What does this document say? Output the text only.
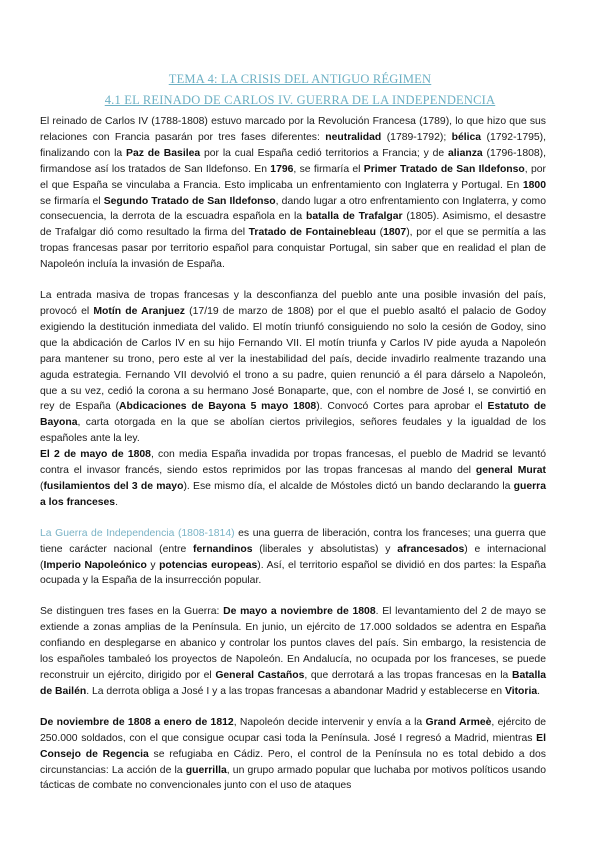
TEMA 4: LA CRISIS DEL ANTIGUO RÉGIMEN
4.1 EL REINADO DE CARLOS IV. GUERRA DE LA INDEPENDENCIA

El reinado de Carlos IV (1788-1808) estuvo marcado por la Revolución Francesa (1789), lo que hizo que sus relaciones con Francia pasarán por tres fases diferentes: neutralidad (1789-1792); bélica (1792-1795), finalizando con la Paz de Basilea por la cual España cedió territorios a Francia; y de alianza (1796-1808), firmandose así los tratados de San Ildefonso. En 1796, se firmaría el Primer Tratado de San Ildefonso, por el que España se vinculaba a Francia. Esto implicaba un enfrentamiento con Inglaterra y Portugal. En 1800 se firmaría el Segundo Tratado de San Ildefonso, dando lugar a otro enfrentamiento con Inglaterra, y como consecuencia, la derrota de la escuadra española en la batalla de Trafalgar (1805). Asimismo, el desastre de Trafalgar dió como resultado la firma del Tratado de Fontainebleau (1807), por el que se permitía a las tropas francesas pasar por territorio español para conquistar Portugal, sin saber que en realidad el plan de Napoleón incluía la invasión de España.

La entrada masiva de tropas francesas y la desconfianza del pueblo ante una posible invasión del país, provocó el Motín de Aranjuez (17/19 de marzo de 1808) por el que el pueblo asaltó el palacio de Godoy exigiendo la destitución inmediata del valido. El motín triunfó consiguiendo no solo la cesión de Godoy, sino que la abdicación de Carlos IV en su hijo Fernando VII. El motín triunfa y Carlos IV pide ayuda a Napoleón para mantener su trono, pero este al ver la inestabilidad del país, decide invadirlo realmente trazando una aguda estrategia. Fernando VII devolvió el trono a su padre, quien renunció a él para dárselo a Napoleón, que a su vez, cedió la corona a su hermano José Bonaparte, que, con el nombre de José I, se convirtió en rey de España (Abdicaciones de Bayona 5 mayo 1808). Convocó Cortes para aprobar el Estatuto de Bayona, carta otorgada en la que se abolían ciertos privilegios, señores feudales y la igualdad de los españoles ante la ley.

El 2 de mayo de 1808, con media España invadida por tropas francesas, el pueblo de Madrid se levantó contra el invasor francés, siendo estos reprimidos por las tropas francesas al mando del general Murat (fusilamientos del 3 de mayo). Ese mismo día, el alcalde de Móstoles dictó un bando declarando la guerra a los franceses.

La Guerra de Independencia (1808-1814) es una guerra de liberación, contra los franceses; una guerra que tiene carácter nacional (entre fernandinos (liberales y absolutistas) y afrancesados) e internacional (Imperio Napoleónico y potencias europeas). Así, el territorio español se dividió en dos partes: la España ocupada y la España de la insurrección popular.

Se distinguen tres fases en la Guerra: De mayo a noviembre de 1808. El levantamiento del 2 de mayo se extiende a zonas amplias de la Península. En junio, un ejército de 17.000 soldados se adentra en España confiando en desplegarse en abanico y controlar los puntos claves del país. Sin embargo, la resistencia de los españoles tambaleó los proyectos de Napoleón. En Andalucía, no ocupada por los franceses, se puede reconstruir un ejército, dirigido por el General Castaños, que derrotará a las tropas francesas en la Batalla de Bailén. La derrota obliga a José I y a las tropas francesas a abandonar Madrid y establecerse en Vitoria.

De noviembre de 1808 a enero de 1812, Napoleón decide intervenir y envía a la Grand Armeè, ejército de 250.000 soldados, con el que consigue ocupar casi toda la Península. José I regresó a Madrid, mientras El Consejo de Regencia se refugiaba en Cádiz. Pero, el control de la Península no es total debido a dos circunstancias: La acción de la guerrilla, un grupo armado popular que luchaba por motivos políticos usando tácticas de combate no convencionales junto con el uso de ataques
